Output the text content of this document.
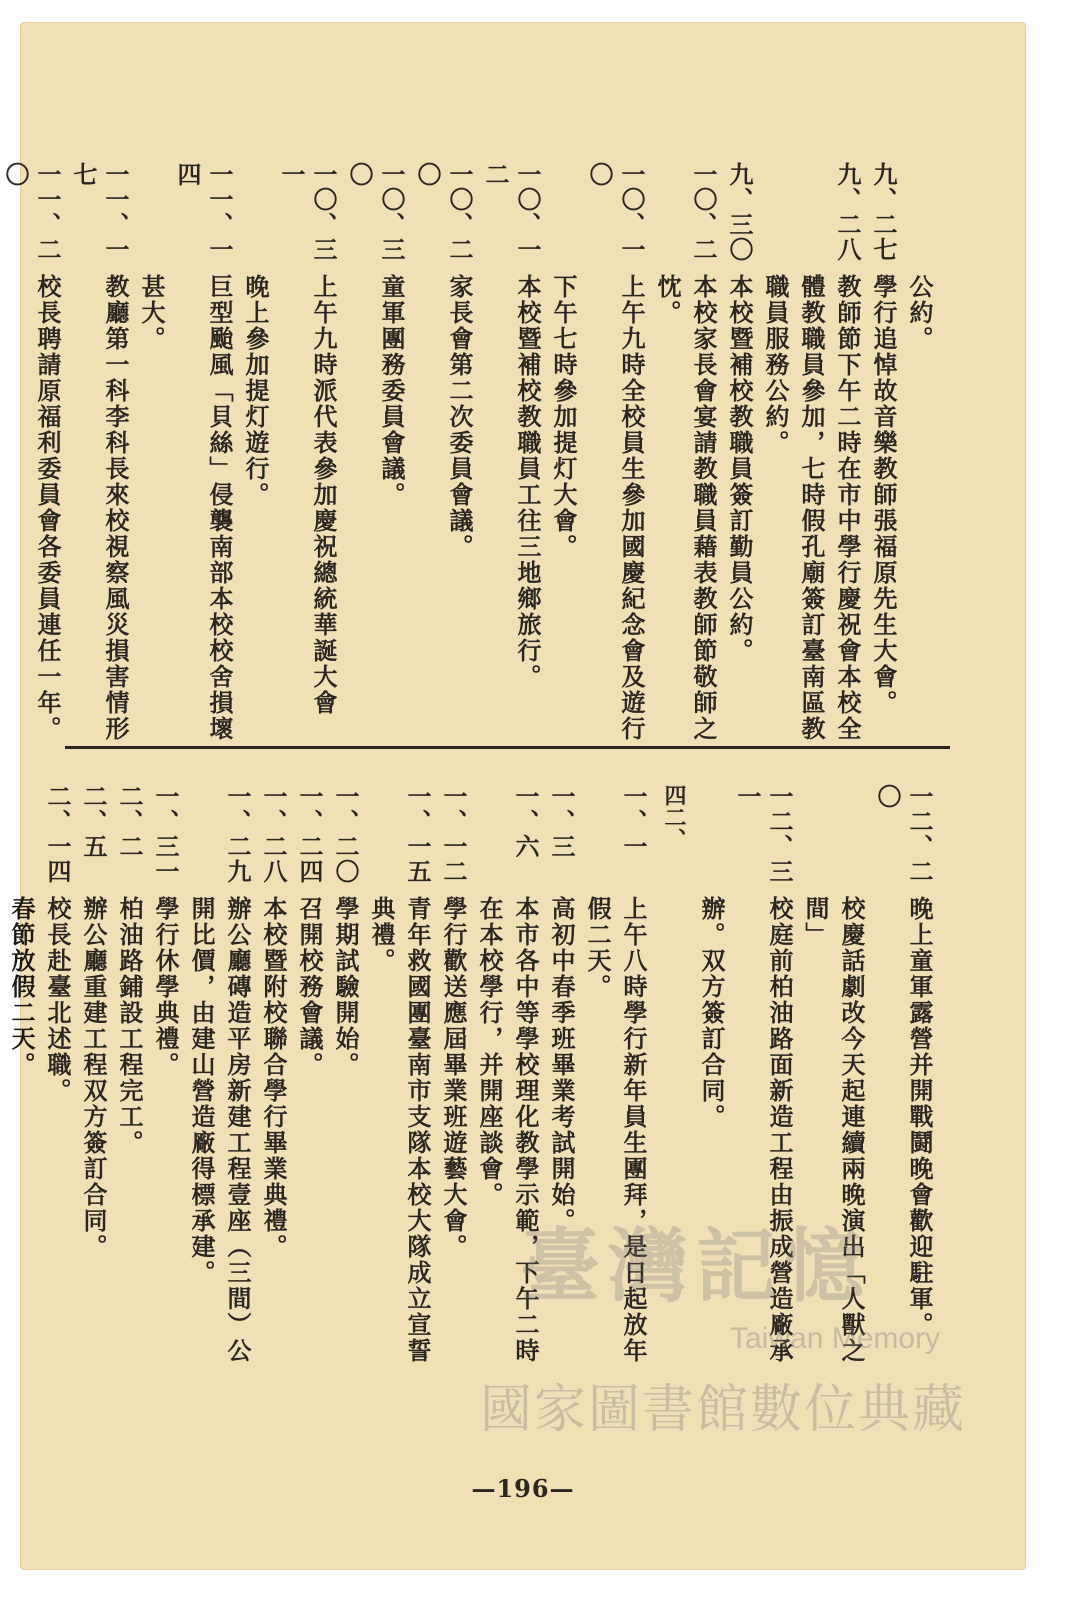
公約。
九、二七
學行追悼故音樂教師張福原先生大會。
九、二八
教師節下午二時在市中學行慶祝會本校全
體教職員參加，七時假孔廟簽訂臺南區教
職員服務公約。
九、三〇
本校暨補校教職員簽訂勤員公約。
一〇、二
本校家長會宴請教職員藉表教師節敬師之
忱。
一〇、一〇
上午九時全校員生參加國慶紀念會及遊行
下午七時參加提灯大會。
一〇、一二
本校暨補校教職員工往三地鄉旅行。
一〇、二〇
家長會第二次委員會議。
一〇、三〇
童軍團務委員會議。
一〇、三一
上午九時派代表參加慶祝總統華誕大會
晚上參加提灯遊行。
一一、一四
巨型颱風「貝絲」侵襲南部本校校舍損壞
甚大。
一一、一七
教廳第一科李科長來校視察風災損害情形
一一、二〇
校長聘請原福利委員會各委員連任一年。
一二、二〇
晚上童軍露營并開戰鬪晚會歡迎駐軍。
校慶話劇改今天起連續兩晚演出「人獸之
間」
一二、三一
校庭前柏油路面新造工程由振成營造廠承
辦。双方簽訂合同。
四二、
一、一
上午八時學行新年員生團拜，是日起放年
假二天。
一、三
高初中春季班畢業考試開始。
一、六
本市各中等學校理化教學示範，下午二時
在本校學行，并開座談會。
一、一二
學行歡送應屆畢業班遊藝大會。
一、一五
青年救國團臺南市支隊本校大隊成立宣誓
典禮。
一、二〇
學期試驗開始。
一、二四
召開校務會議。
一、二八
本校暨附校聯合學行畢業典禮。
一、二九
辦公廳磚造平房新建工程壹座（三間）公
開比價，由建山營造廠得標承建。
一、三一
學行休學典禮。
二、二
柏油路鋪設工程完工。
二、五
辦公廳重建工程双方簽訂合同。
二、一四
校長赴臺北述職。
春節放假二天。
臺灣記憶
Taiwan Memory
國家圖書館數位典藏
—196—
